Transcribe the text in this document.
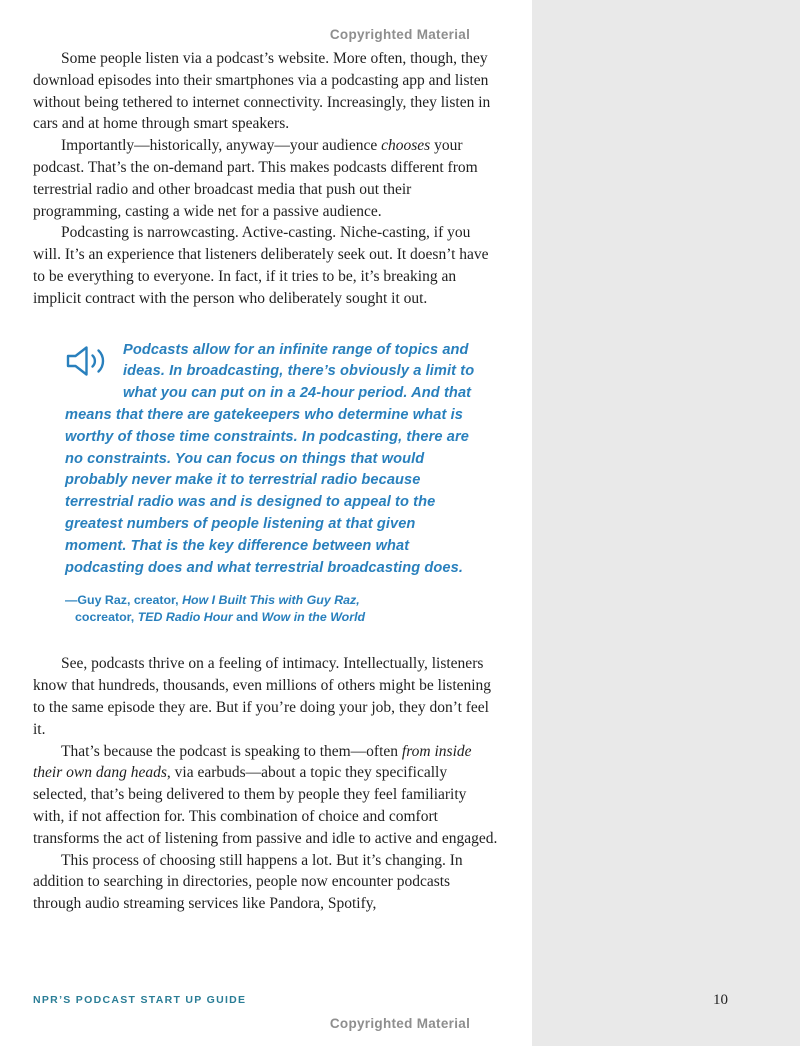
Copyrighted Material

Some people listen via a podcast’s website. More often, though, they download episodes into their smartphones via a podcasting app and listen without being tethered to internet connectivity. Increasingly, they listen in cars and at home through smart speakers.

Importantly—historically, anyway—your audience chooses your podcast. That’s the on-demand part. This makes podcasts different from terrestrial radio and other broadcast media that push out their programming, casting a wide net for a passive audience.

Podcasting is narrowcasting. Active-casting. Niche-casting, if you will. It’s an experience that listeners deliberately seek out. It doesn’t have to be everything to everyone. In fact, if it tries to be, it’s breaking an implicit contract with the person who deliberately sought it out.

Podcasts allow for an infinite range of topics and ideas. In broadcasting, there’s obviously a limit to what you can put on in a 24-hour period. And that means that there are gatekeepers who determine what is worthy of those time constraints. In podcasting, there are no constraints. You can focus on things that would probably never make it to terrestrial radio because terrestrial radio was and is designed to appeal to the greatest numbers of people listening at that given moment. That is the key difference between what podcasting does and what terrestrial broadcasting does.
—Guy Raz, creator, How I Built This with Guy Raz,
cocreator, TED Radio Hour and Wow in the World

See, podcasts thrive on a feeling of intimacy. Intellectually, listeners know that hundreds, thousands, even millions of others might be listening to the same episode they are. But if you’re doing your job, they don’t feel it.

That’s because the podcast is speaking to them—often from inside their own dang heads, via earbuds—about a topic they specifically selected, that’s being delivered to them by people they feel familiarity with, if not affection for. This combination of choice and comfort transforms the act of listening from passive and idle to active and engaged.

This process of choosing still happens a lot. But it’s changing. In addition to searching in directories, people now encounter podcasts through audio streaming services like Pandora, Spotify,

NPR’S PODCAST START UP GUIDE	10
Copyrighted Material
